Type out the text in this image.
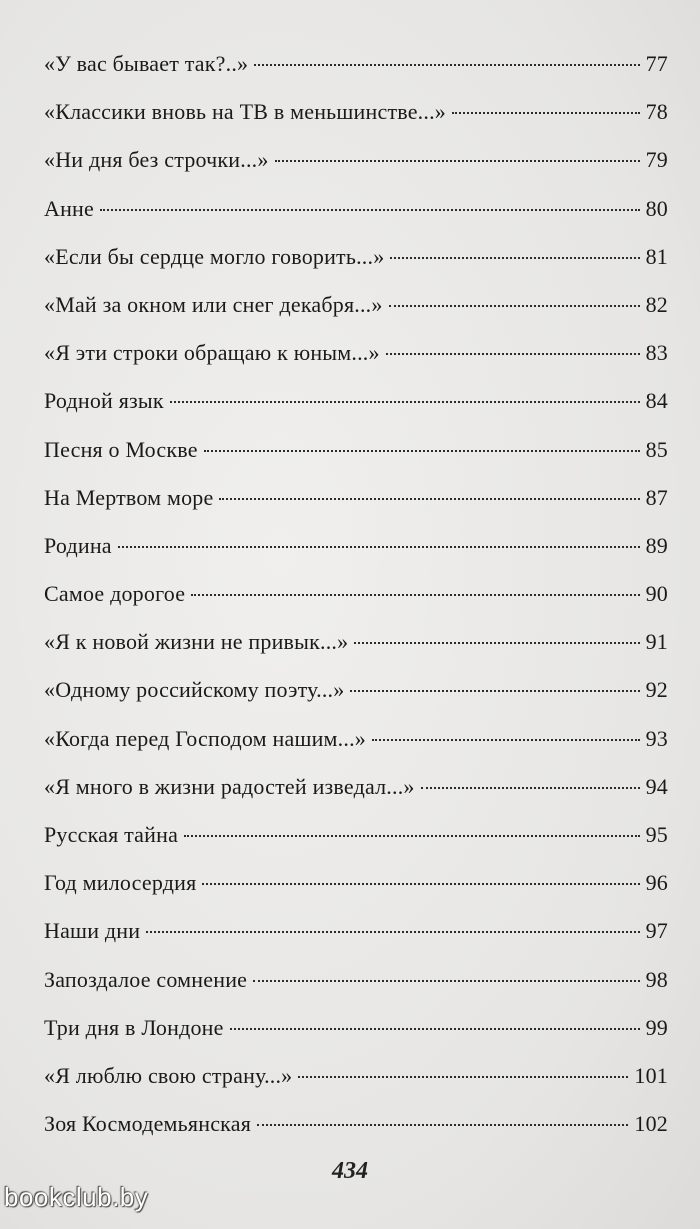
«У вас бывает так?..»	77
«Классики вновь на ТВ в меньшинстве...»	78
«Ни дня без строчки...»	79
Анне	80
«Если бы сердце могло говорить...»	81
«Май за окном или снег декабря...»	82
«Я эти строки обращаю к юным...»	83
Родной язык	84
Песня о Москве	85
На Мертвом море	87
Родина	89
Самое дорогое	90
«Я к новой жизни не привык...»	91
«Одному российскому поэту...»	92
«Когда перед Господом нашим...»	93
«Я много в жизни радостей изведал...»	94
Русская тайна	95
Год милосердия	96
Наши дни	97
Запоздалое сомнение	98
Три дня в Лондоне	99
«Я люблю свою страну...»	101
Зоя Космодемьянская	102
434
bookclub.by
